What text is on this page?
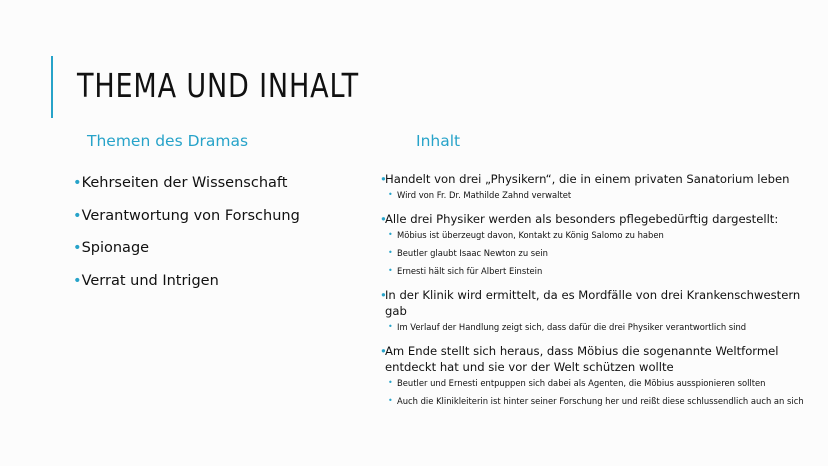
THEMA UND INHALT
Themen des Dramas	Inhalt
•Kehrseiten der Wissenschaft
•Verantwortung von Forschung
•Spionage
•Verrat und Intrigen
•
Handelt von drei „Physikern“, die in einem privaten Sanatorium leben
• Wird von Fr. Dr. Mathilde Zahnd verwaltet
•
Alle drei Physiker werden als besonders pflegebedürftig dargestellt:
• Möbius ist überzeugt davon, Kontakt zu König Salomo zu haben
• Beutler glaubt Isaac Newton zu sein
• Ernesti hält sich für Albert Einstein
•
In der Klinik wird ermittelt, da es Mordfälle von drei Krankenschwestern gab
• Im Verlauf der Handlung zeigt sich, dass dafür die drei Physiker verantwortlich sind
•
Am Ende stellt sich heraus, dass Möbius die sogenannte Weltformel entdeckt hat und sie vor der Welt schützen wollte
• Beutler und Ernesti entpuppen sich dabei als Agenten, die Möbius ausspionieren sollten
• Auch die Klinikleiterin ist hinter seiner Forschung her und reißt diese schlussendlich auch an sich
